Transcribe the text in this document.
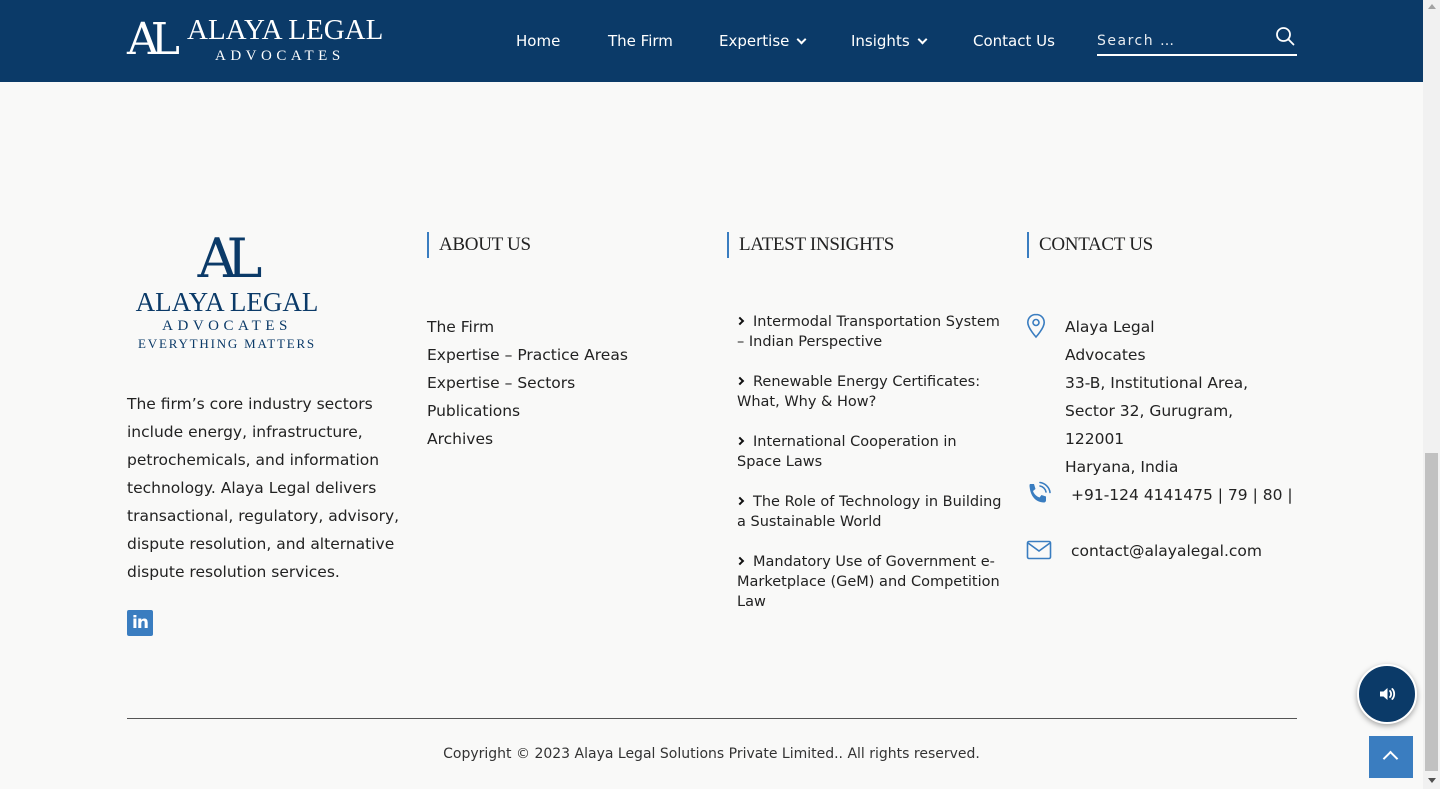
AL ALAYA LEGAL
ADVOCATES
Home	The Firm	Expertise	Insights	Contact Us
Search …
AL
ALAYA LEGAL
ADVOCATES
EVERYTHING MATTERS

The firm’s core industry sectors include energy, infrastructure, petrochemicals, and information technology. Alaya Legal delivers transactional, regulatory, advisory, dispute resolution, and alternative dispute resolution services.

in
ABOUT US
The Firm
Expertise – Practice Areas
Expertise – Sectors
Publications
Archives
LATEST INSIGHTS
Intermodal Transportation System – Indian Perspective
Renewable Energy Certificates: What, Why & How?
International Cooperation in Space Laws
The Role of Technology in Building a Sustainable World
Mandatory Use of Government e-Marketplace (GeM) and Competition Law
CONTACT US
Alaya Legal
Advocates
33-B, Institutional Area,
Sector 32, Gurugram, 122001
Haryana, India
+91-124 4141475 | 79 | 80 |
contact@alayalegal.com
Copyright © 2023 Alaya Legal Solutions Private Limited.. All rights reserved.
